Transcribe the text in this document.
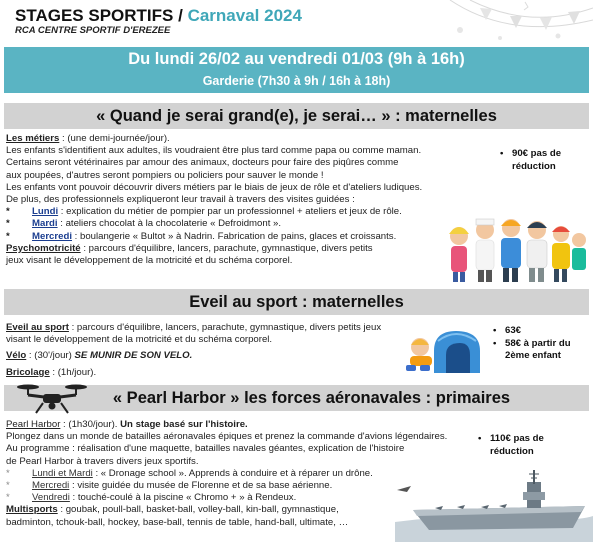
STAGES SPORTIFS / Carnaval 2024
RCA CENTRE SPORTIF D'EREZEE
Du lundi 26/02 au vendredi 01/03 (9h à 16h)
Garderie (7h30 à 9h / 16h à 18h)
« Quand je serai grand(e), je serai… » : maternelles
Les métiers : (une demi-journée/jour).
Les enfants s'identifient aux adultes, ils voudraient être plus tard comme papa ou comme maman.
Certains seront vétérinaires par amour des animaux, docteurs pour faire des piqûres comme
aux poupées, d'autres seront pompiers ou policiers pour sauver le monde !
Les enfants vont pouvoir découvrir divers métiers par le biais de jeux de rôle et d'ateliers ludiques.
De plus, des professionnels expliqueront leur travail à travers des visites guidées :
* Lundi : explication du métier de pompier par un professionnel + ateliers et jeux de rôle.
* Mardi : ateliers chocolat à la chocolaterie « Defroidmont ».
* Mercredi : boulangerie « Bultot » à Nadrin. Fabrication de pains, glaces et croissants.
Psychomotricité : parcours d'équilibre, lancers, parachute, gymnastique, divers petits
jeux visant le développement de la motricité et du schéma corporel.
• 90€ pas de
réduction
Eveil au sport : maternelles
Eveil au sport : parcours d'équilibre, lancers, parachute, gymnastique, divers petits jeux
visant le développement de la motricité et du schéma corporel.
Vélo : (30'/jour) SE MUNIR DE SON VELO.
Bricolage : (1h/jour).
• 63€
• 58€ à partir du
2ème enfant
« Pearl Harbor » les forces aéronavales : primaires
Pearl Harbor : (1h30/jour). Un stage basé sur l'histoire.
Plongez dans un monde de batailles aéronavales épiques et prenez la commande d'avions légendaires.
Au programme : réalisation d'une maquette, batailles navales géantes, explication de l'histoire
de Pearl Harbor à travers divers jeux sportifs.
* Lundi et Mardi : « Dronage school ». Apprends à conduire et à réparer un drône.
* Mercredi : visite guidée du musée de Florenne et de sa base aérienne.
* Vendredi : touché-coulé à la piscine « Chromo + » à Rendeux.
Multisports : goubak, poull-ball, basket-ball, volley-ball, kin-ball, gymnastique,
badminton, tchouk-ball, hockey, base-ball, tennis de table, hand-ball, ultimate, …
• 110€ pas de
réduction
